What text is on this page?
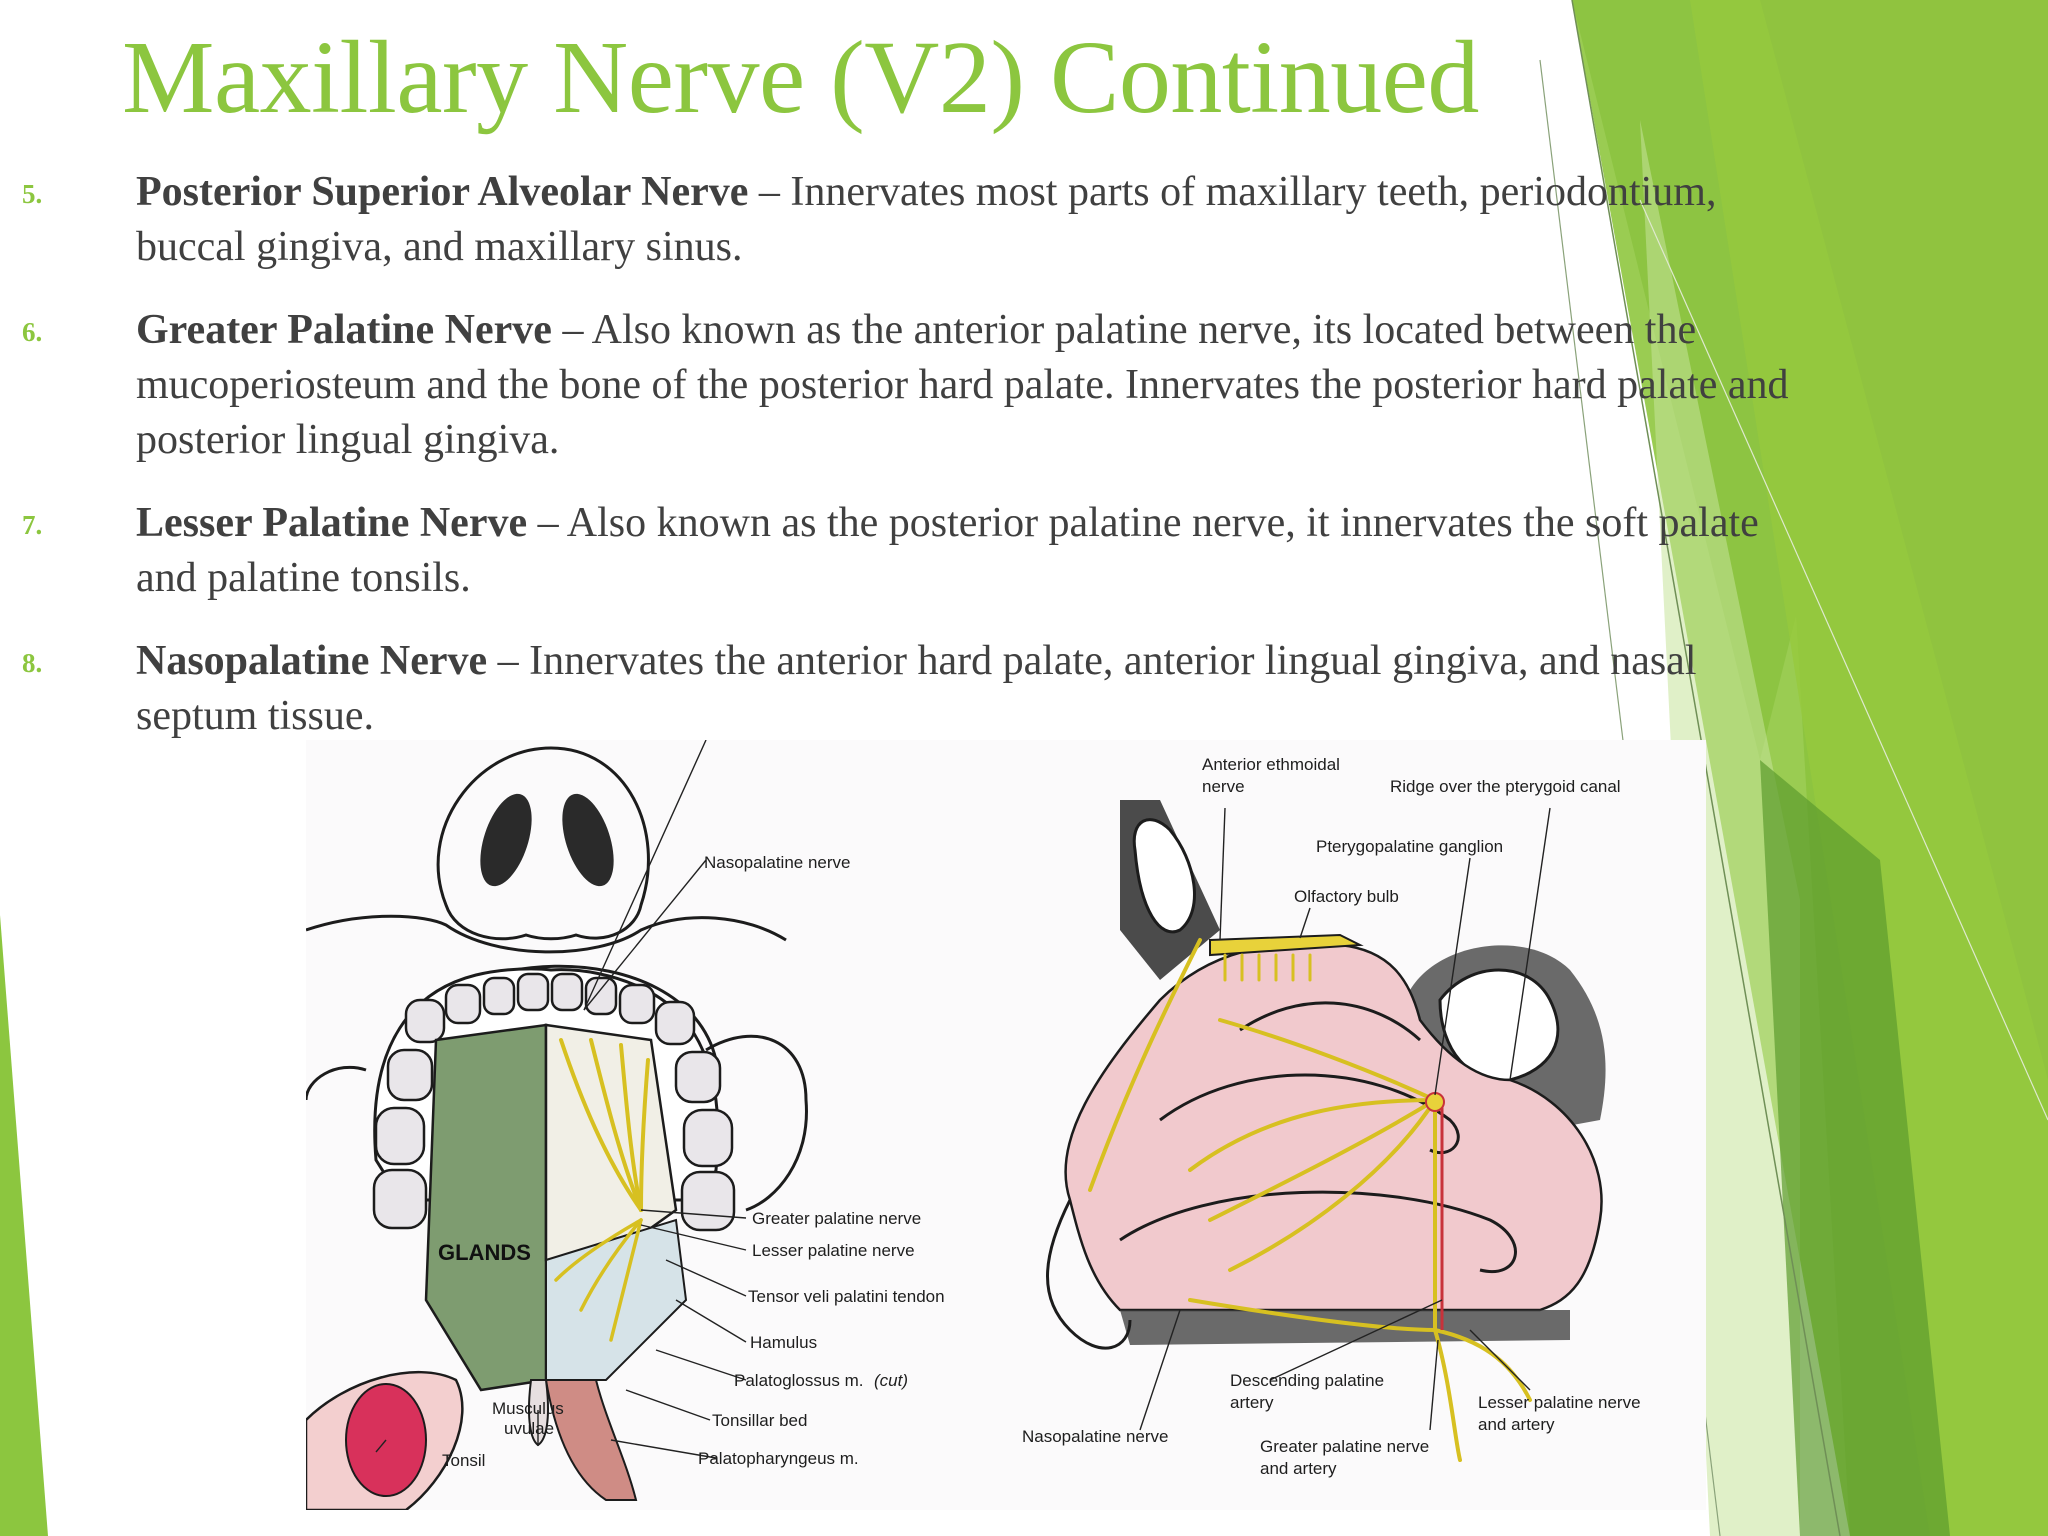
Maxillary Nerve (V2) Continued
5. Posterior Superior Alveolar Nerve – Innervates most parts of maxillary teeth, periodontium, buccal gingiva, and maxillary sinus.
6. Greater Palatine Nerve – Also known as the anterior palatine nerve, its located between the mucoperiosteum and the bone of the posterior hard palate. Innervates the posterior hard palate and posterior lingual gingiva.
7. Lesser Palatine Nerve – Also known as the posterior palatine nerve, it innervates the soft palate and palatine tonsils.
8. Nasopalatine Nerve – Innervates the anterior hard palate, anterior lingual gingiva, and nasal septum tissue.
GLANDS
Nasopalatine nerve
Greater palatine nerve
Lesser palatine nerve
Tensor veli palatini tendon
Hamulus
Palatoglossus m. (cut)
Tonsillar bed
Palatopharyngeus m.
Musculus
uvulae
Tonsil
Anterior ethmoidal
nerve	Ridge over the pterygoid canal
Pterygopalatine ganglion
Olfactory bulb
Descending palatine
artery
Nasopalatine nerve
Greater palatine nerve
and artery
Lesser palatine nerve
and artery
